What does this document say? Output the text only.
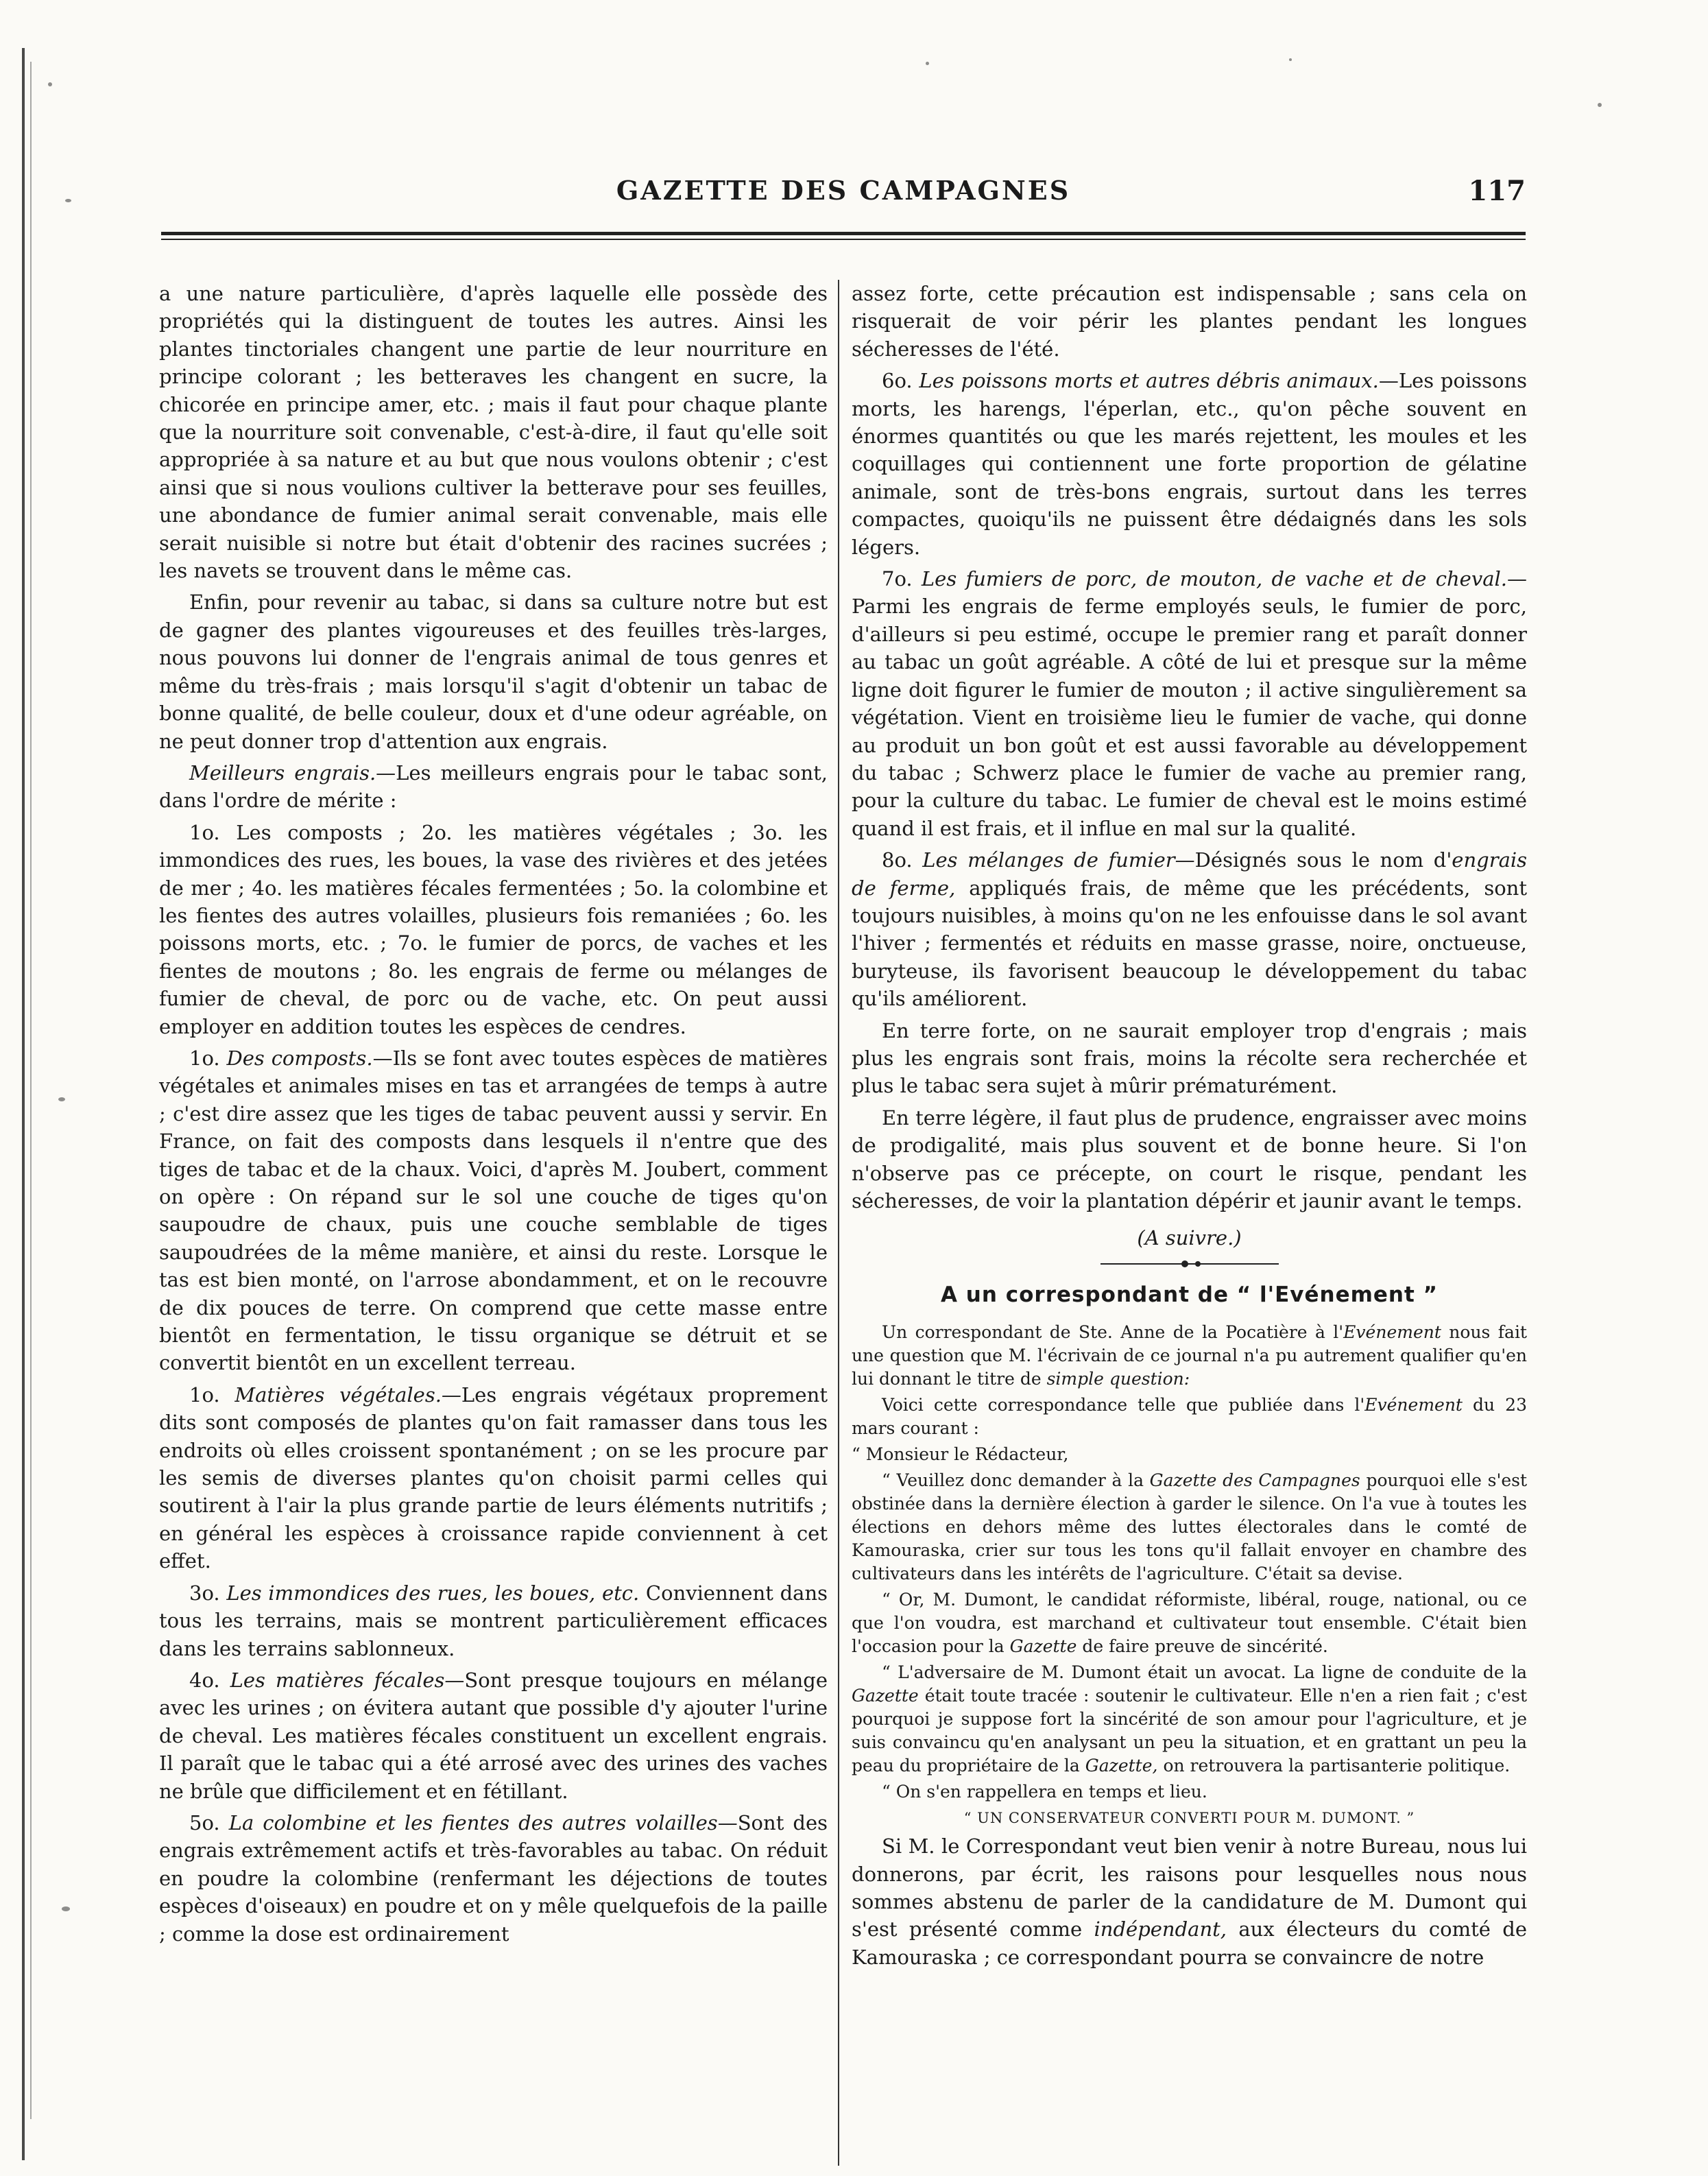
GAZETTE DES CAMPAGNES	117

a une nature particulière, d'après laquelle elle possède des propriétés qui la distinguent de toutes les autres. Ainsi les plantes tinctoriales changent une partie de leur nourriture en principe colorant ; les betteraves les changent en sucre, la chicorée en principe amer, etc. ; mais il faut pour chaque plante que la nourriture soit convenable, c'est-à-dire, il faut qu'elle soit appropriée à sa nature et au but que nous voulons obtenir ; c'est ainsi que si nous voulions cultiver la betterave pour ses feuilles, une abondance de fumier animal serait convenable, mais elle serait nuisible si notre but était d'obtenir des racines sucrées ; les navets se trouvent dans le même cas.

Enfin, pour revenir au tabac, si dans sa culture notre but est de gagner des plantes vigoureuses et des feuilles très-larges, nous pouvons lui donner de l'engrais animal de tous genres et même du très-frais ; mais lorsqu'il s'agit d'obtenir un tabac de bonne qualité, de belle couleur, doux et d'une odeur agréable, on ne peut donner trop d'attention aux engrais.

Meilleurs engrais.—Les meilleurs engrais pour le tabac sont, dans l'ordre de mérite :

1o. Les composts ; 2o. les matières végétales ; 3o. les immondices des rues, les boues, la vase des rivières et des jetées de mer ; 4o. les matières fécales fermentées ; 5o. la colombine et les fientes des autres volailles, plusieurs fois remaniées ; 6o. les poissons morts, etc. ; 7o. le fumier de porcs, de vaches et les fientes de moutons ; 8o. les engrais de ferme ou mélanges de fumier de cheval, de porc ou de vache, etc. On peut aussi employer en addition toutes les espèces de cendres.

1o. Des composts.—Ils se font avec toutes espèces de matières végétales et animales mises en tas et arrangées de temps à autre ; c'est dire assez que les tiges de tabac peuvent aussi y servir. En France, on fait des composts dans lesquels il n'entre que des tiges de tabac et de la chaux. Voici, d'après M. Joubert, comment on opère : On répand sur le sol une couche de tiges qu'on saupoudre de chaux, puis une couche semblable de tiges saupoudrées de la même manière, et ainsi du reste. Lorsque le tas est bien monté, on l'arrose abondamment, et on le recouvre de dix pouces de terre. On comprend que cette masse entre bientôt en fermentation, le tissu organique se détruit et se convertit bientôt en un excellent terreau.

1o. Matières végétales.—Les engrais végétaux proprement dits sont composés de plantes qu'on fait ramasser dans tous les endroits où elles croissent spontanément ; on se les procure par les semis de diverses plantes qu'on choisit parmi celles qui soutirent à l'air la plus grande partie de leurs éléments nutritifs ; en général les espèces à croissance rapide conviennent à cet effet.

3o. Les immondices des rues, les boues, etc. Conviennent dans tous les terrains, mais se montrent particulièrement efficaces dans les terrains sablonneux.

4o. Les matières fécales—Sont presque toujours en mélange avec les urines ; on évitera autant que possible d'y ajouter l'urine de cheval. Les matières fécales constituent un excellent engrais. Il paraît que le tabac qui a été arrosé avec des urines des vaches ne brûle que difficilement et en fétillant.

5o. La colombine et les fientes des autres volailles—Sont des engrais extrêmement actifs et très-favorables au tabac. On réduit en poudre la colombine (renfermant les déjections de toutes espèces d'oiseaux) en poudre et on y mêle quelquefois de la paille ; comme la dose est ordinairement

assez forte, cette précaution est indispensable ; sans cela on risquerait de voir périr les plantes pendant les longues sécheresses de l'été.

6o. Les poissons morts et autres débris animaux.—Les poissons morts, les harengs, l'éperlan, etc., qu'on pêche souvent en énormes quantités ou que les marés rejettent, les moules et les coquillages qui contiennent une forte proportion de gélatine animale, sont de très-bons engrais, surtout dans les terres compactes, quoiqu'ils ne puissent être dédaignés dans les sols légers.

7o. Les fumiers de porc, de mouton, de vache et de cheval.—Parmi les engrais de ferme employés seuls, le fumier de porc, d'ailleurs si peu estimé, occupe le premier rang et paraît donner au tabac un goût agréable. A côté de lui et presque sur la même ligne doit figurer le fumier de mouton ; il active singulièrement sa végétation. Vient en troisième lieu le fumier de vache, qui donne au produit un bon goût et est aussi favorable au développement du tabac ; Schwerz place le fumier de vache au premier rang, pour la culture du tabac. Le fumier de cheval est le moins estimé quand il est frais, et il influe en mal sur la qualité.

8o. Les mélanges de fumier—Désignés sous le nom d'engrais de ferme, appliqués frais, de même que les précédents, sont toujours nuisibles, à moins qu'on ne les enfouisse dans le sol avant l'hiver ; fermentés et réduits en masse grasse, noire, onctueuse, buryteuse, ils favorisent beaucoup le développement du tabac qu'ils améliorent.

En terre forte, on ne saurait employer trop d'engrais ; mais plus les engrais sont frais, moins la récolte sera recherchée et plus le tabac sera sujet à mûrir prématurément.

En terre légère, il faut plus de prudence, engraisser avec moins de prodigalité, mais plus souvent et de bonne heure. Si l'on n'observe pas ce précepte, on court le risque, pendant les sécheresses, de voir la plantation dépérir et jaunir avant le temps.

(A suivre.)
A un correspondant de “ l'Evénement ”

Un correspondant de Ste. Anne de la Pocatière à l'Evénement nous fait une question que M. l'écrivain de ce journal n'a pu autrement qualifier qu'en lui donnant le titre de simple question:

Voici cette correspondance telle que publiée dans l'Evénement du 23 mars courant :

“ Monsieur le Rédacteur,

“ Veuillez donc demander à la Gazette des Campagnes pourquoi elle s'est obstinée dans la dernière élection à garder le silence. On l'a vue à toutes les élections en dehors même des luttes électorales dans le comté de Kamouraska, crier sur tous les tons qu'il fallait envoyer en chambre des cultivateurs dans les intérêts de l'agriculture. C'était sa devise.

“ Or, M. Dumont, le candidat réformiste, libéral, rouge, national, ou ce que l'on voudra, est marchand et cultivateur tout ensemble. C'était bien l'occasion pour la Gazette de faire preuve de sincérité.

“ L'adversaire de M. Dumont était un avocat. La ligne de conduite de la Gazette était toute tracée : soutenir le cultivateur. Elle n'en a rien fait ; c'est pourquoi je suppose fort la sincérité de son amour pour l'agriculture, et je suis convaincu qu'en analysant un peu la situation, et en grattant un peu la peau du propriétaire de la Gazette, on retrouvera la partisanterie politique.

“ On s'en rappellera en temps et lieu.

“ UN CONSERVATEUR CONVERTI POUR M. DUMONT. ”

Si M. le Correspondant veut bien venir à notre Bureau, nous lui donnerons, par écrit, les raisons pour lesquelles nous nous sommes abstenu de parler de la candidature de M. Dumont qui s'est présenté comme indépendant, aux électeurs du comté de Kamouraska ; ce correspondant pourra se convaincre de notre
